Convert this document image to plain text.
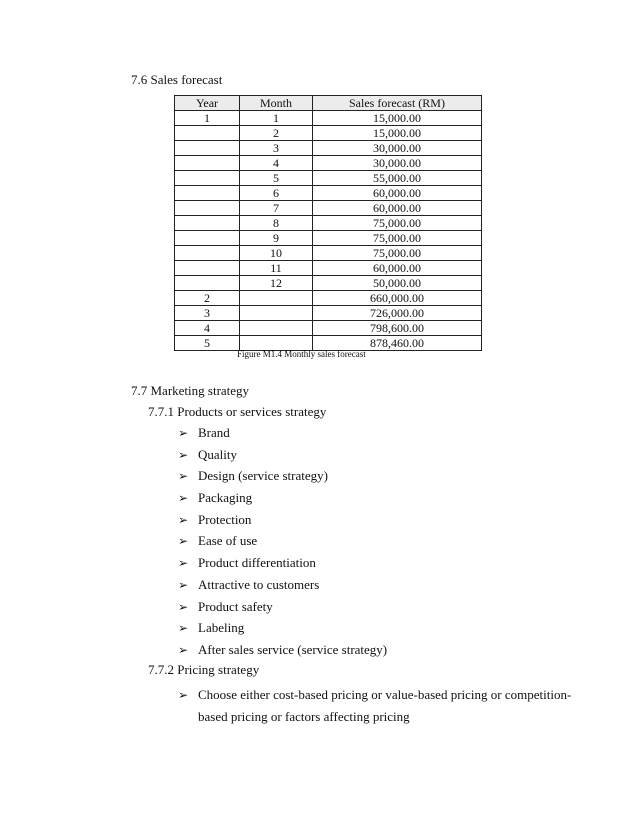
7.6 Sales forecast
Year	Month	Sales forecast (RM)
1	1	15,000.00
	2	15,000.00
	3	30,000.00
	4	30,000.00
	5	55,000.00
	6	60,000.00
	7	60,000.00
	8	75,000.00
	9	75,000.00
	10	75,000.00
	11	60,000.00
	12	50,000.00
2		660,000.00
3		726,000.00
4		798,600.00
5		878,460.00
Figure M1.4 Monthly sales forecast
7.7 Marketing strategy
7.7.1 Products or services strategy
➢ Brand
➢ Quality
➢ Design (service strategy)
➢ Packaging
➢ Protection
➢ Ease of use
➢ Product differentiation
➢ Attractive to customers
➢ Product safety
➢ Labeling
➢ After sales service (service strategy)
7.7.2 Pricing strategy
➢ Choose either cost-based pricing or value-based pricing or competition-based pricing or factors affecting pricing
